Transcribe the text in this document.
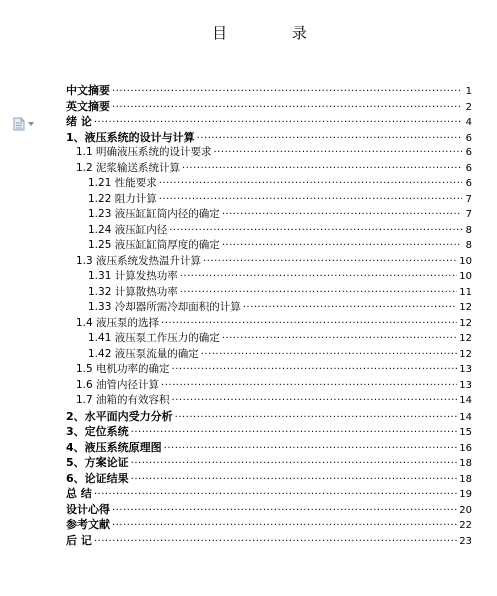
目 录
中文摘要 ·····	1
英文摘要 ·····	2
绪 论 ·····	4
1、液压系统的设计与计算 ·····	6
1.1 明确液压系统的设计要求 ·····	6
1.2 泥浆输送系统计算 ·····	6
1.21 性能要求 ·····	6
1.22 阻力计算 ·····	7
1.23 液压缸缸筒内径的确定 ·····	7
1.24 液压缸内径 ·····	8
1.25 液压缸缸筒厚度的确定 ·····	8
1.3 液压系统发热温升计算 ·····	10
1.31 计算发热功率 ·····	10
1.32 计算散热功率 ·····	11
1.33 冷却器所需冷却面积的计算 ·····	12
1.4 液压泵的选择 ·····	12
1.41 液压泵工作压力的确定 ·····	12
1.42 液压泵流量的确定 ·····	12
1.5 电机功率的确定 ·····	13
1.6 油管内径计算 ·····	13
1.7 油箱的有效容积 ·····	14
2、水平面内受力分析 ·····	14
3、定位系统 ·····	15
4、液压系统原理图 ·····	16
5、方案论证 ·····	18
6、论证结果 ·····	18
总 结 ·····	19
设计心得 ·····	20
参考文献 ·····	22
后 记 ·····	23
